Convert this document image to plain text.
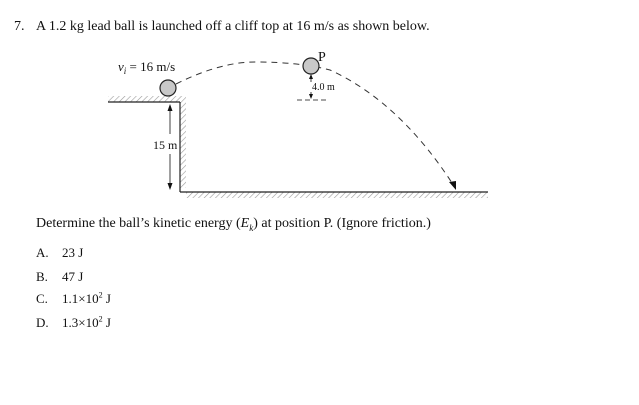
7. A 1.2 kg lead ball is launched off a cliff top at 16 m/s as shown below.
$v_i = 16$ m/s
P
4.0 m
15 m
Determine the ball’s kinetic energy $(E_k)$ at position P. (Ignore friction.)
A. 23 J
B. 47 J
C. $1.1\times 10^2$ J
D. $1.3\times 10^2$ J
